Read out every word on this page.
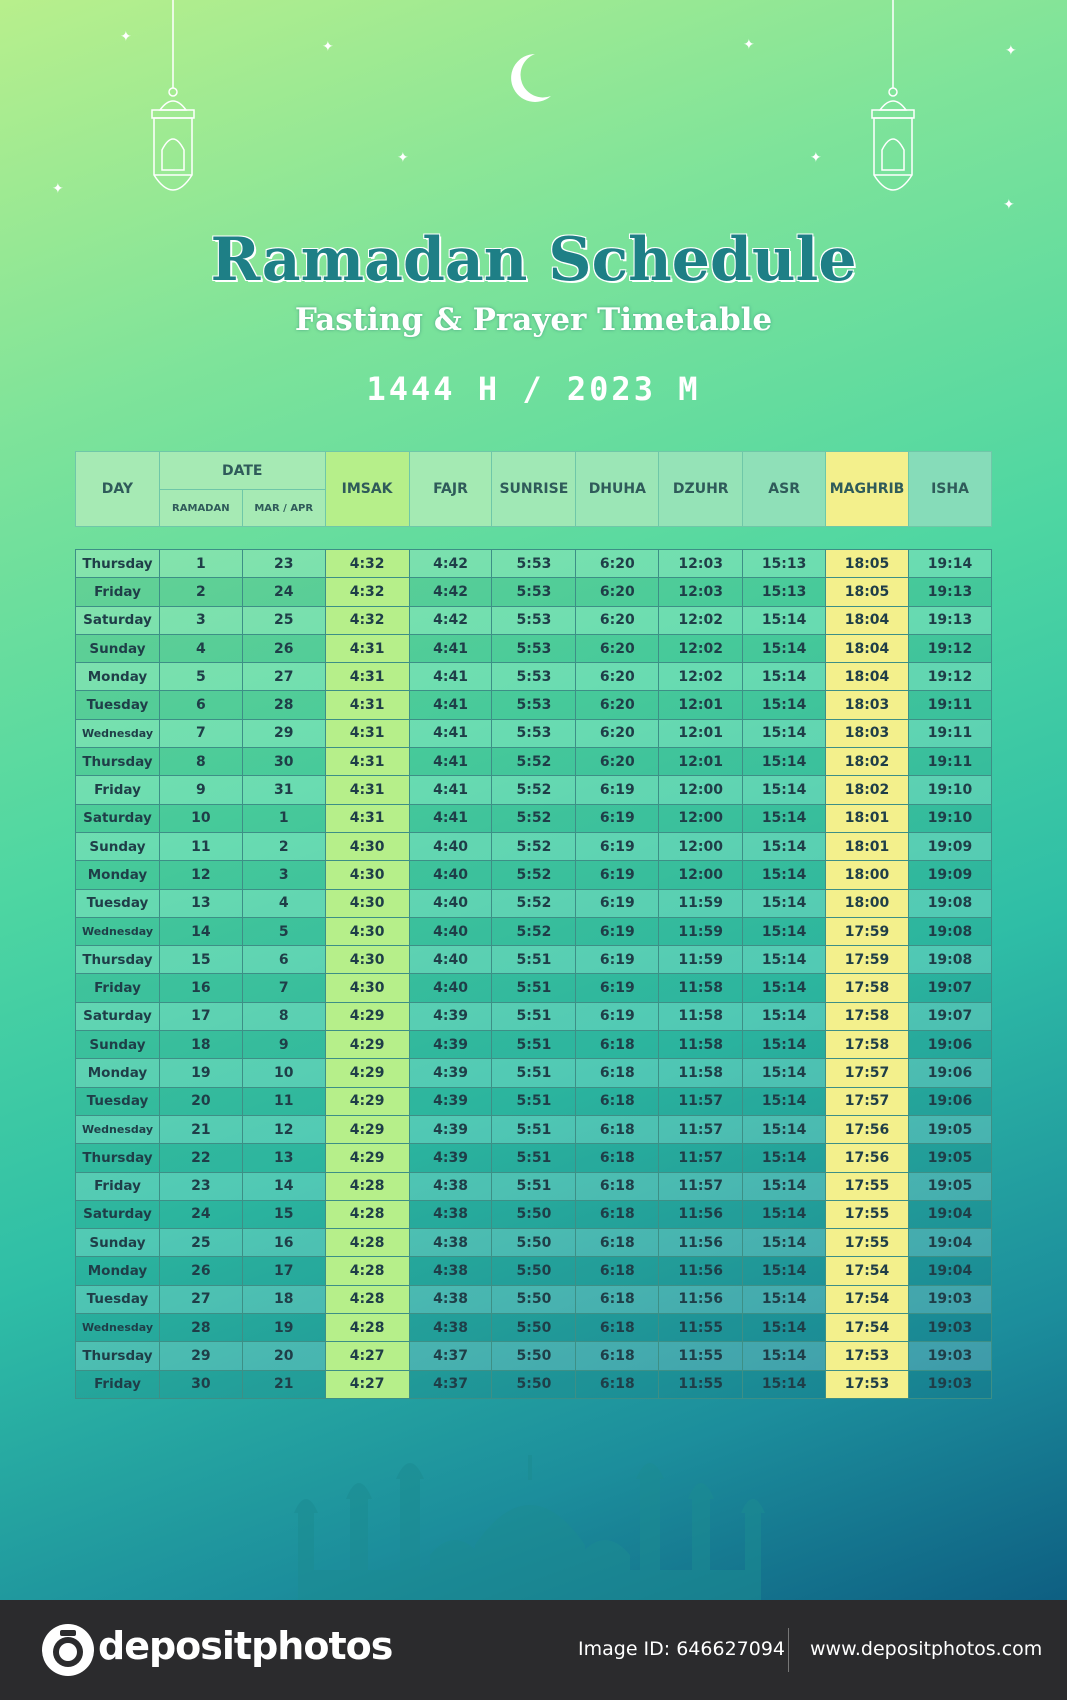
✦
✦	✦	✦
✦
✦	✦
✦
Ramadan Schedule
Fasting & Prayer Timetable
1444 H / 2023 M
DAY	DATE		IMSAK	FAJR	SUNRISE	DHUHA	DZUHR	ASR	MAGHRIB	ISHA
	RAMADAN	MAR / APR								
Thursday	1	23	4:32	4:42	5:53	6:20	12:03	15:13	18:05	19:14
Friday	2	24	4:32	4:42	5:53	6:20	12:03	15:13	18:05	19:13
Saturday	3	25	4:32	4:42	5:53	6:20	12:02	15:14	18:04	19:13
Sunday	4	26	4:31	4:41	5:53	6:20	12:02	15:14	18:04	19:12
Monday	5	27	4:31	4:41	5:53	6:20	12:02	15:14	18:04	19:12
Tuesday	6	28	4:31	4:41	5:53	6:20	12:01	15:14	18:03	19:11
Wednesday	7	29	4:31	4:41	5:53	6:20	12:01	15:14	18:03	19:11
Thursday	8	30	4:31	4:41	5:52	6:20	12:01	15:14	18:02	19:11
Friday	9	31	4:31	4:41	5:52	6:19	12:00	15:14	18:02	19:10
Saturday	10	1	4:31	4:41	5:52	6:19	12:00	15:14	18:01	19:10
Sunday	11	2	4:30	4:40	5:52	6:19	12:00	15:14	18:01	19:09
Monday	12	3	4:30	4:40	5:52	6:19	12:00	15:14	18:00	19:09
Tuesday	13	4	4:30	4:40	5:52	6:19	11:59	15:14	18:00	19:08
Wednesday	14	5	4:30	4:40	5:52	6:19	11:59	15:14	17:59	19:08
Thursday	15	6	4:30	4:40	5:51	6:19	11:59	15:14	17:59	19:08
Friday	16	7	4:30	4:40	5:51	6:19	11:58	15:14	17:58	19:07
Saturday	17	8	4:29	4:39	5:51	6:19	11:58	15:14	17:58	19:07
Sunday	18	9	4:29	4:39	5:51	6:18	11:58	15:14	17:58	19:06
Monday	19	10	4:29	4:39	5:51	6:18	11:58	15:14	17:57	19:06
Tuesday	20	11	4:29	4:39	5:51	6:18	11:57	15:14	17:57	19:06
Wednesday	21	12	4:29	4:39	5:51	6:18	11:57	15:14	17:56	19:05
Thursday	22	13	4:29	4:39	5:51	6:18	11:57	15:14	17:56	19:05
Friday	23	14	4:28	4:38	5:51	6:18	11:57	15:14	17:55	19:05
Saturday	24	15	4:28	4:38	5:50	6:18	11:56	15:14	17:55	19:04
Sunday	25	16	4:28	4:38	5:50	6:18	11:56	15:14	17:55	19:04
Monday	26	17	4:28	4:38	5:50	6:18	11:56	15:14	17:54	19:04
Tuesday	27	18	4:28	4:38	5:50	6:18	11:56	15:14	17:54	19:03
Wednesday	28	19	4:28	4:38	5:50	6:18	11:55	15:14	17:54	19:03
Thursday	29	20	4:27	4:37	5:50	6:18	11:55	15:14	17:53	19:03
Friday	30	21	4:27	4:37	5:50	6:18	11:55	15:14	17:53	19:03
depositphotos	Image ID: 646627094 www.depositphotos.com
